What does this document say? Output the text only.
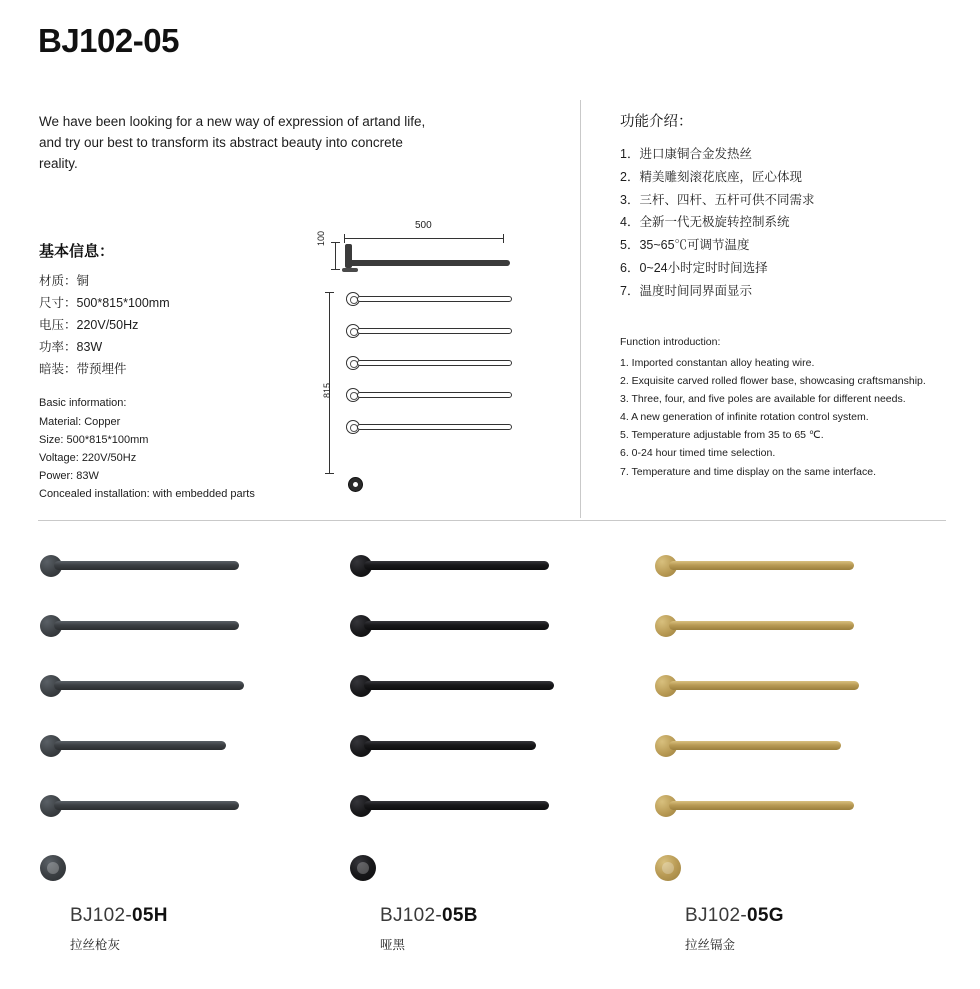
BJ102-05
We have been looking for a new way of expression of artand life, and try our best to transform its abstract beauty into concrete reality.
基本信息：
材质：铜
尺寸：500*815*100mm
电压：220V/50Hz
功率：83W
暗装：带预埋件
Basic information:
Material: Copper
Size: 500*815*100mm
Voltage: 220V/50Hz
Power: 83W
Concealed installation: with embedded parts
500
100
815
功能介绍：
1．进口康铜合金发热丝
2．精美雕刻滚花底座，匠心体现
3．三杆、四杆、五杆可供不同需求
4．全新一代无极旋转控制系统
5．35~65℃可调节温度
6．0~24小时定时时间选择
7．温度时间同界面显示
Function introduction:
1. Imported constantan alloy heating wire.
2. Exquisite carved rolled flower base, showcasing craftsmanship.
3. Three, four, and five poles are available for different needs.
4. A new generation of infinite rotation control system.
5. Temperature adjustable from 35 to 65 ℃.
6. 0-24 hour timed time selection.
7. Temperature and time display on the same interface.
BJ102-05H
拉丝枪灰
BJ102-05B
哑黑
BJ102-05G
拉丝镉金
